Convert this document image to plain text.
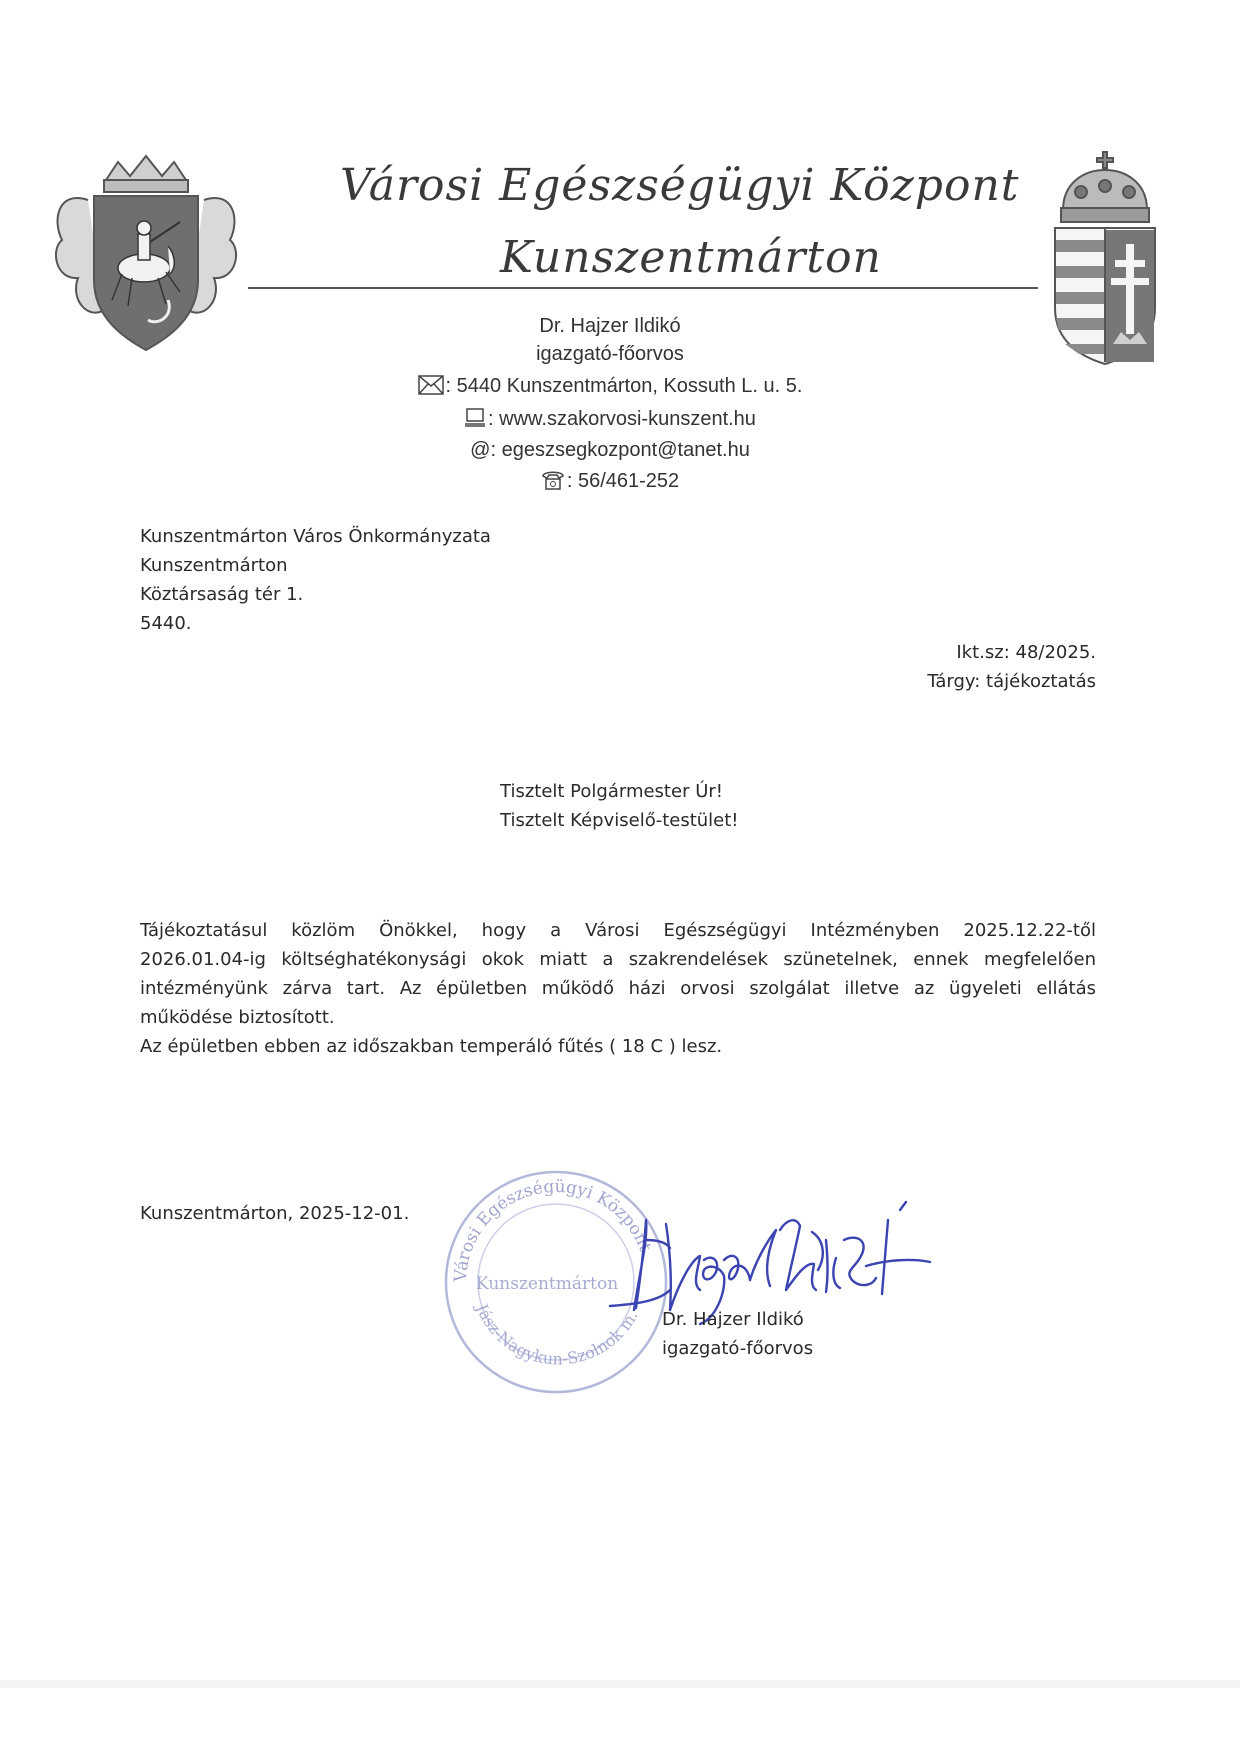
Városi Egészségügyi Központ
Kunszentmárton
Dr. Hajzer Ildikó
igazgató-főorvos
: 5440 Kunszentmárton, Kossuth L. u. 5.
: www.szakorvosi-kunszent.hu
@: egeszsegkozpont@tanet.hu
: 56/461-252
Kunszentmárton Város Önkormányzata
Kunszentmárton
Köztársaság tér 1.
5440.
Ikt.sz: 48/2025.
Tárgy: tájékoztatás
Tisztelt Polgármester Úr!
Tisztelt Képviselő-testület!
Tájékoztatásul közlöm Önökkel, hogy a Városi Egészségügyi Intézményben 2025.12.22-től
2026.01.04-ig költséghatékonysági okok miatt a szakrendelések szünetelnek, ennek megfelelően
intézményünk zárva tart. Az épületben működő házi orvosi szolgálat illetve az ügyeleti ellátás
működése biztosított.
Az épületben ebben az időszakban temperáló fűtés ( 18 C ) lesz.
Kunszentmárton, 2025-12-01.
Városi Egészségügyi Központ
Kunszentmárton
Jász-Nagykun-Szolnok m. Dr. Hajzer Ildikó
igazgató-főorvos
